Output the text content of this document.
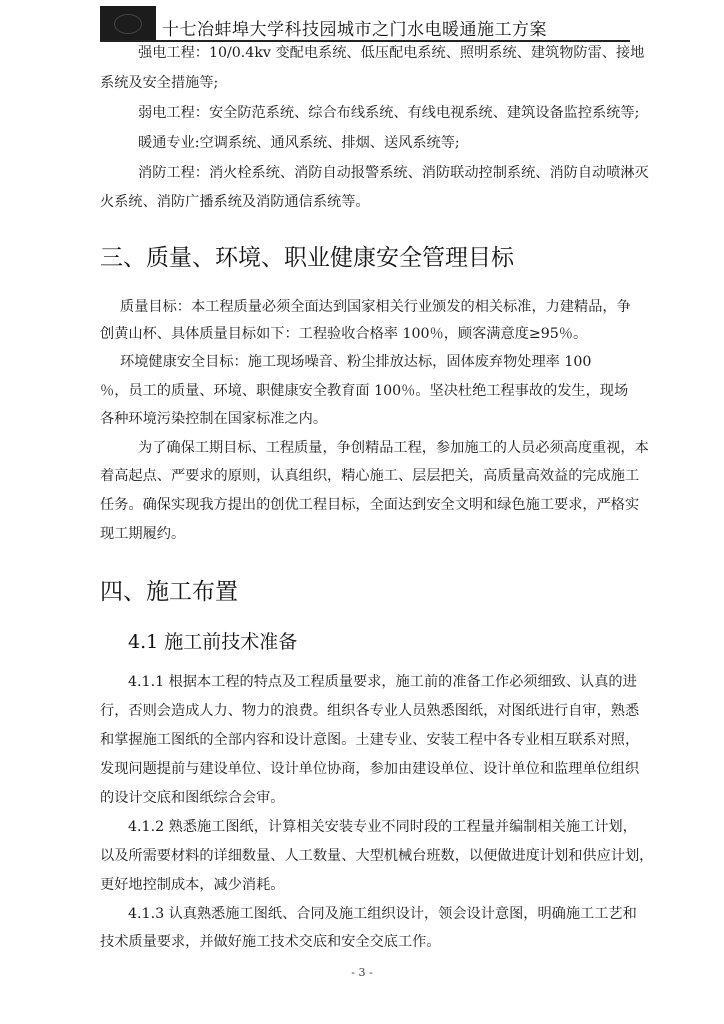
十七冶蚌埠大学科技园城市之门水电暖通施工方案
强电工程：10/0.4kv 变配电系统、低压配电系统、照明系统、建筑物防雷、接地
系统及安全措施等;
弱电工程：安全防范系统、综合布线系统、有线电视系统、建筑设备监控系统等;
暖通专业:空调系统、通风系统、排烟、送风系统等;
消防工程：消火栓系统、消防自动报警系统、消防联动控制系统、消防自动喷淋灭
火系统、消防广播系统及消防通信系统等。
三、质量、环境、职业健康安全管理目标
质量目标：本工程质量必须全面达到国家相关行业颁发的相关标准，力建精品，争
创黄山杯、具体质量目标如下：工程验收合格率 100％，顾客满意度≥95％。
环境健康安全目标：施工现场噪音、粉尘排放达标，固体废弃物处理率 100
％，员工的质量、环境、职健康安全教育面 100％。坚决杜绝工程事故的发生，现场
各种环境污染控制在国家标准之内。
为了确保工期目标、工程质量，争创精品工程，参加施工的人员必须高度重视，本
着高起点、严要求的原则，认真组织，精心施工、层层把关，高质量高效益的完成施工
任务。确保实现我方提出的创优工程目标，全面达到安全文明和绿色施工要求，严格实
现工期履约。
四、施工布置
4.1 施工前技术准备
4.1.1 根据本工程的特点及工程质量要求，施工前的准备工作必须细致、认真的进
行，否则会造成人力、物力的浪费。组织各专业人员熟悉图纸，对图纸进行自审，熟悉
和掌握施工图纸的全部内容和设计意图。土建专业、安装工程中各专业相互联系对照，
发现问题提前与建设单位、设计单位协商，参加由建设单位、设计单位和监理单位组织
的设计交底和图纸综合会审。
4.1.2 熟悉施工图纸，计算相关安装专业不同时段的工程量并编制相关施工计划，
以及所需要材料的详细数量、人工数量、大型机械台班数，以便做进度计划和供应计划，
更好地控制成本，减少消耗。
4.1.3 认真熟悉施工图纸、合同及施工组织设计，领会设计意图，明确施工工艺和
技术质量要求，并做好施工技术交底和安全交底工作。
- 3 -
